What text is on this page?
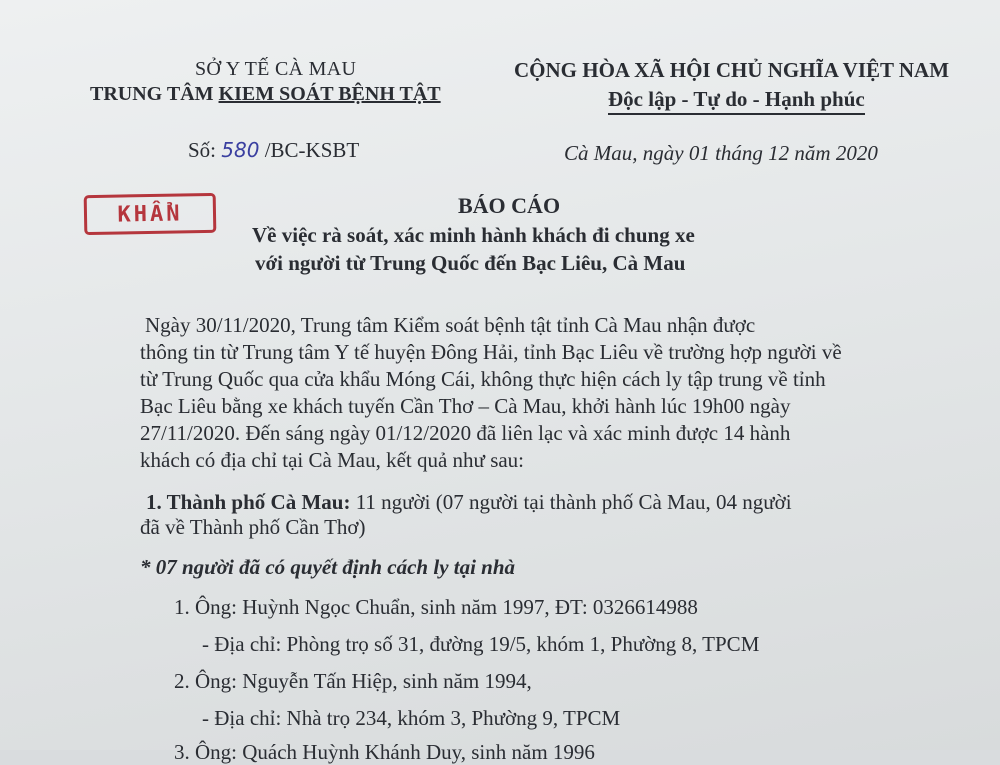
SỞ Y TẾ CÀ MAU
TRUNG TÂM KIEM SOÁT BỆNH TẬT
CỘNG HÒA XÃ HỘI CHỦ NGHĨA VIỆT NAM
Độc lập - Tự do - Hạnh phúc
Số: 580 /BC-KSBT	Cà Mau, ngày 01 tháng 12 năm 2020
KHẨN	BÁO CÁO
Về việc rà soát, xác minh hành khách đi chung xe
với người từ Trung Quốc đến Bạc Liêu, Cà Mau
Ngày 30/11/2020, Trung tâm Kiểm soát bệnh tật tỉnh Cà Mau nhận được
thông tin từ Trung tâm Y tế huyện Đông Hải, tỉnh Bạc Liêu về trường hợp người về
từ Trung Quốc qua cửa khẩu Móng Cái, không thực hiện cách ly tập trung về tỉnh
Bạc Liêu bằng xe khách tuyến Cần Thơ – Cà Mau, khởi hành lúc 19h00 ngày
27/11/2020. Đến sáng ngày 01/12/2020 đã liên lạc và xác minh được 14 hành
khách có địa chỉ tại Cà Mau, kết quả như sau:
1. Thành phố Cà Mau: 11 người (07 người tại thành phố Cà Mau, 04 người
đã về Thành phố Cần Thơ)
* 07 người đã có quyết định cách ly tại nhà
1. Ông: Huỳnh Ngọc Chuẩn, sinh năm 1997, ĐT: 0326614988
- Địa chỉ: Phòng trọ số 31, đường 19/5, khóm 1, Phường 8, TPCM
2. Ông: Nguyễn Tấn Hiệp, sinh năm 1994,
- Địa chỉ: Nhà trọ 234, khóm 3, Phường 9, TPCM
3. Ông: Quách Huỳnh Khánh Duy, sinh năm 1996
